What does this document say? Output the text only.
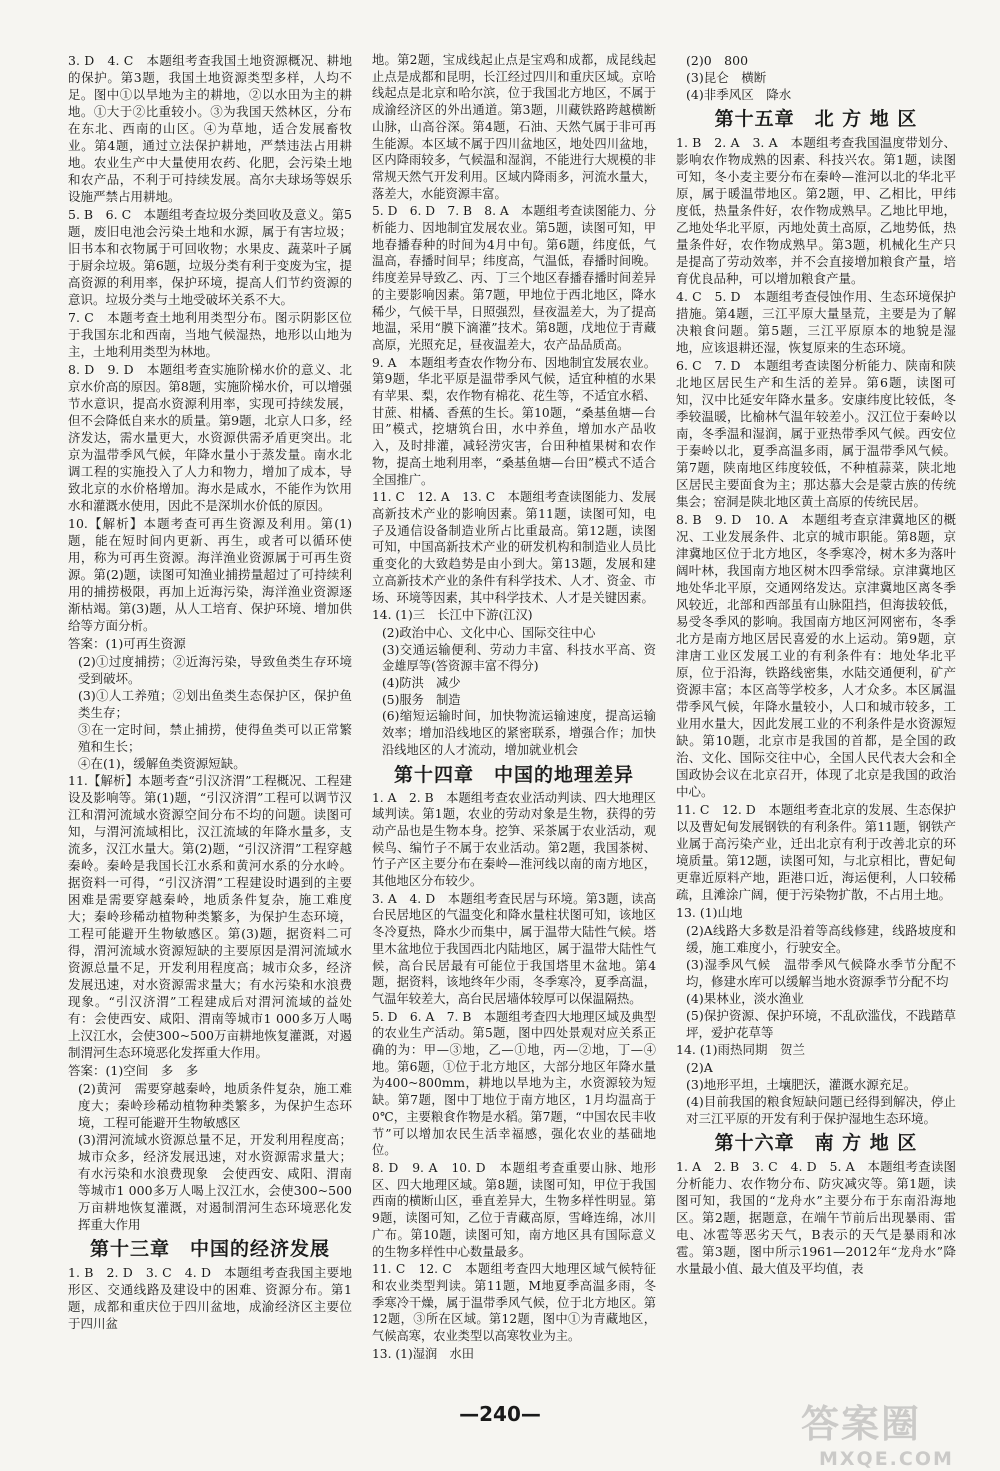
3. D　4. C　本题组考查我国土地资源概况、耕地的保护。第3题，我国土地资源类型多样，人均不足。图中①以旱地为主的耕地，②以水田为主的耕地。①大于②比重较小。③为我国天然林区，分布在东北、西南的山区。④为草地，适合发展畜牧业。第4题，通过立法保护耕地，严禁违法占用耕地。农业生产中大量使用农药、化肥，会污染土地和农产品，不利于可持续发展。高尔夫球场等娱乐设施严禁占用耕地。
5. B　6. C　本题组考查垃圾分类回收及意义。第5题，废旧电池会污染土地和水源，属于有害垃圾；旧书本和衣物属于可回收物；水果皮、蔬菜叶子属于厨余垃圾。第6题，垃圾分类有利于变废为宝，提高资源的利用率，保护环境，提高人们节约资源的意识。垃圾分类与土地受破坏关系不大。
7. C　本题考查土地利用类型分布。图示阴影区位于我国东北和西南，当地气候湿热，地形以山地为主，土地利用类型为林地。
8. D　9. D　本题组考查实施阶梯水价的意义、北京水价高的原因。第8题，实施阶梯水价，可以增强节水意识，提高水资源利用率，实现可持续发展，但不会降低自来水的质量。第9题，北京人口多，经济发达，需水量更大，水资源供需矛盾更突出。北京为温带季风气候，年降水量小于蒸发量。南水北调工程的实施投入了人力和物力，增加了成本，导致北京的水价格增加。海水是咸水，不能作为饮用水和灌溉水使用，因此不是深圳水价低的原因。
10.【解析】本题考查可再生资源及利用。第(1)题，能在短时间内更新、再生，或者可以循环使用，称为可再生资源。海洋渔业资源属于可再生资源。第(2)题，读图可知渔业捕捞量超过了可持续利用的捕捞极限，再加上近海污染，海洋渔业资源逐渐枯竭。第(3)题，从人工培育、保护环境、增加供给等方面分析。
答案：(1)可再生资源
(2)①过度捕捞；②近海污染，导致鱼类生存环境受到破坏。
(3)①人工养殖；②划出鱼类生态保护区，保护鱼类生存；
③在一定时间，禁止捕捞，使得鱼类可以正常繁殖和生长；
④在(1)，缓解鱼类资源短缺。
11.【解析】本题考查“引汉济渭”工程概况、工程建设及影响等。第(1)题，“引汉济渭”工程可以调节汉江和渭河流域水资源空间分布不均的问题。读图可知，与渭河流域相比，汉江流域的年降水量多，支流多，汉江水量大。第(2)题，“引汉济渭”工程穿越秦岭。秦岭是我国长江水系和黄河水系的分水岭。据资料一可得，“引汉济渭”工程建设时遇到的主要困难是需要穿越秦岭，地质条件复杂，施工难度大；秦岭珍稀动植物种类繁多，为保护生态环境，工程可能避开生物敏感区。第(3)题，据资料二可得，渭河流域水资源短缺的主要原因是渭河流域水资源总量不足，开发利用程度高；城市众多，经济发展迅速，对水资源需求量大；有水污染和水浪费现象。“引汉济渭”工程建成后对渭河流域的益处有：会使西安、咸阳、渭南等城市1 000多万人喝上汉江水，会使300~500万亩耕地恢复灌溉，对遏制渭河生态环境恶化发挥重大作用。
答案：(1)空间　多　多
(2)黄河　需要穿越秦岭，地质条件复杂，施工难度大；秦岭珍稀动植物种类繁多，为保护生态环境，工程可能避开生物敏感区
(3)渭河流域水资源总量不足，开发利用程度高；城市众多，经济发展迅速，对水资源需求量大；有水污染和水浪费现象　会使西安、咸阳、渭南等城市1 000多万人喝上汉江水，会使300~500万亩耕地恢复灌溉，对遏制渭河生态环境恶化发挥重大作用
第十三章　中国的经济发展
1. B　2. D　3. C　4. D　本题组考查我国主要地形区、交通线路及建设中的困难、资源分布。第1题，成都和重庆位于四川盆地，成渝经济区主要位于四川盆
地。第2题，宝成线起止点是宝鸡和成都，成昆线起止点是成都和昆明，长江经过四川和重庆区域。京哈线起点是北京和哈尔滨，位于我国北方地区，不属于成渝经济区的外出通道。第3题，川藏铁路跨越横断山脉，山高谷深。第4题，石油、天然气属于非可再生能源。本区域不属于四川盆地区，地处四川盆地，区内降雨较多，气候温和湿润，不能进行大规模的非常规天然气开发利用。区域内降雨多，河流水量大，落差大，水能资源丰富。
5. D　6. D　7. B　8. A　本题组考查读图能力、分析能力、因地制宜发展农业。第5题，读图可知，甲地春播春种的时间为4月中旬。第6题，纬度低，气温高，春播时间早；纬度高，气温低，春播时间晚。纬度差异导致乙、丙、丁三个地区春播春播时间差异的主要影响因素。第7题，甲地位于西北地区，降水稀少，气候干旱，日照强烈，昼夜温差大，为了提高地温，采用“膜下滴灌”技术。第8题，戊地位于青藏高原，光照充足，昼夜温差大，农产品品质高。
9. A　本题组考查农作物分布、因地制宜发展农业。第9题，华北平原是温带季风气候，适宜种植的水果有苹果、梨，农作物有棉花、花生等，不适宜水稻、甘蔗、柑橘、香蕉的生长。第10题，“桑基鱼塘—台田”模式，挖塘筑台田，水中养鱼，增加水产品收入，及时排灌，减轻涝灾害，台田种植果树和农作物，提高土地利用率，“桑基鱼塘—台田”模式不适合全国推广。
11. C　12. A　13. C　本题组考查读图能力、发展高新技术产业的影响因素。第11题，读图可知，电子及通信设备制造业所占比重最高。第12题，读图可知，中国高新技术产业的研发机构和制造业人员比重变化的大致趋势是由小到大。第13题，发展和建立高新技术产业的条件有科学技术、人才、资金、市场、环境等因素，其中科学技术、人才是关键因素。
14. (1)三　长江中下游(江汉)
(2)政治中心、文化中心、国际交往中心
(3)交通运输便利、劳动力丰富、科技水平高、资金雄厚等(答资源丰富不得分)
(4)防洪　减少
(5)服务　制造
(6)缩短运输时间，加快物流运输速度，提高运输效率；增加沿线地区的紧密联系，增强合作；加快沿线地区的人才流动，增加就业机会
第十四章　中国的地理差异
1. A　2. B　本题组考查农业活动判读、四大地理区域判读。第1题，农业的劳动对象是生物，获得的劳动产品也是生物本身。挖笋、采茶属于农业活动，观候鸟、编竹子不属于农业活动。第2题，我国茶树、竹子产区主要分布在秦岭—淮河线以南的南方地区，其他地区分布较少。
3. A　4. D　本题组考查民居与环境。第3题，读高台民居地区的气温变化和降水量柱状图可知，该地区冬冷夏热，降水少而集中，属于温带大陆性气候。塔里木盆地位于我国西北内陆地区，属于温带大陆性气候，高台民居最有可能位于我国塔里木盆地。第4题，据资料，该地终年少雨，冬季寒冷，夏季高温，气温年较差大，高台民居墙体较厚可以保温隔热。
5. D　6. A　7. B　本题组考查四大地理区域及典型的农业生产活动。第5题，图中四处景观对应关系正确的为：甲—③地，乙—①地，丙—②地，丁—④地。第6题，①位于北方地区，大部分地区年降水量为400~800mm，耕地以旱地为主，水资源较为短缺。第7题，图中丁地位于南方地区，1月均温高于0℃，主要粮食作物是水稻。第7题，“中国农民丰收节”可以增加农民生活幸福感，强化农业的基础地位。
8. D　9. A　10. D　本题组考查重要山脉、地形区、四大地理区域。第8题，读图可知，甲位于我国西南的横断山区，垂直差异大，生物多样性明显。第9题，读图可知，乙位于青藏高原，雪峰连绵，冰川广布。第10题，读图可知，南方地区具有国际意义的生物多样性中心数量最多。
11. C　12. C　本题组考查四大地理区域气候特征和农业类型判读。第11题，M地夏季高温多雨，冬季寒冷干燥，属于温带季风气候，位于北方地区。第12题，③所在区域。第12题，图中①为青藏地区，气候高寒，农业类型以高寒牧业为主。
13. (1)湿润　水田
(2)0　800
(3)昆仑　横断
(4)非季风区　降水
第十五章　北 方 地 区
1. B　2. A　3. A　本题组考查我国温度带划分、影响农作物成熟的因素、科技兴农。第1题，读图可知，冬小麦主要分布在秦岭—淮河以北的华北平原，属于暖温带地区。第2题，甲、乙相比，甲纬度低，热量条件好，农作物成熟早。乙地比甲地，乙地处华北平原，丙地处黄土高原，乙地势低，热量条件好，农作物成熟早。第3题，机械化生产只是提高了劳动效率，并不会直接增加粮食产量，培育优良品种，可以增加粮食产量。
4. C　5. D　本题组考查侵蚀作用、生态环境保护措施。第4题，三江平原大量垦荒，主要是为了解决粮食问题。第5题，三江平原原本的地貌是湿地，应该退耕还湿，恢复原来的生态环境。
6. C　7. D　本题组考查读图分析能力、陕南和陕北地区居民生产和生活的差异。第6题，读图可知，汉中比延安年降水量多。安康纬度比较低，冬季较温暖，比榆林气温年较差小。汉江位于秦岭以南，冬季温和湿润，属于亚热带季风气候。西安位于秦岭以北，夏季高温多雨，属于温带季风气候。第7题，陕南地区纬度较低，不种植蒜菜，陕北地区居民主要面食为主；那达慕大会是蒙古族的传统集会；窑洞是陕北地区黄土高原的传统民居。
8. B　9. D　10. A　本题组考查京津冀地区的概况、工业发展条件、北京的城市职能。第8题，京津冀地区位于北方地区，冬季寒冷，树木多为落叶阔叶林，我国南方地区树木四季常绿。京津冀地区地处华北平原，交通网络发达。京津冀地区离冬季风较近，北部和西部虽有山脉阻挡，但海拔较低，易受冬季风的影响。我国南方地区河网密布，冬季北方是南方地区居民喜爱的水上运动。第9题，京津唐工业区发展工业的有利条件有：地处华北平原，位于沿海，铁路线密集，水陆交通便利，矿产资源丰富；本区高等学校多，人才众多。本区属温带季风气候，年降水量较小，人口和城市较多，工业用水量大，因此发展工业的不利条件是水资源短缺。第10题，北京市是我国的首都，是全国的政治、文化、国际交往中心，全国人民代表大会和全国政协会议在北京召开，体现了北京是我国的政治中心。
11. C　12. D　本题组考查北京的发展、生态保护以及曹妃甸发展钢铁的有利条件。第11题，钢铁产业属于高污染产业，迁出北京有利于改善北京的环境质量。第12题，读图可知，与北京相比，曹妃甸更靠近原料产地，距港口近，海运便利，人口较稀疏，且滩涂广阔，便于污染物扩散，不占用土地。
13. (1)山地
(2)A线路大多数是沿着等高线修建，线路坡度和缓，施工难度小，行驶安全。
(3)湿季风气候　温带季风气候降水季节分配不均，修建水库可以缓解当地水资源季节分配不均
(4)果林业，淡水渔业
(5)保护资源、保护环境，不乱砍滥伐，不践踏草坪，爱护花草等
14. (1)雨热同期　贺兰
(2)A
(3)地形平坦，土壤肥沃，灌溉水源充足。
(4)目前我国的粮食短缺问题已经得到解决，停止对三江平原的开发有利于保护湿地生态环境。
第十六章　南 方 地 区
1. A　2. B　3. C　4. D　5. A　本题组考查读图分析能力、农作物分布、防灾减灾等。第1题，读图可知，我国的“龙舟水”主要分布于东南沿海地区。第2题，据题意，在端午节前后出现暴雨、雷电、冰雹等恶劣天气，B表示的天气是暴雨和冰雹。第3题，图中所示1961—2012年“龙舟水”降水量最小值、最大值及平均值，表
—240—	答案圈
MXQE.COM
